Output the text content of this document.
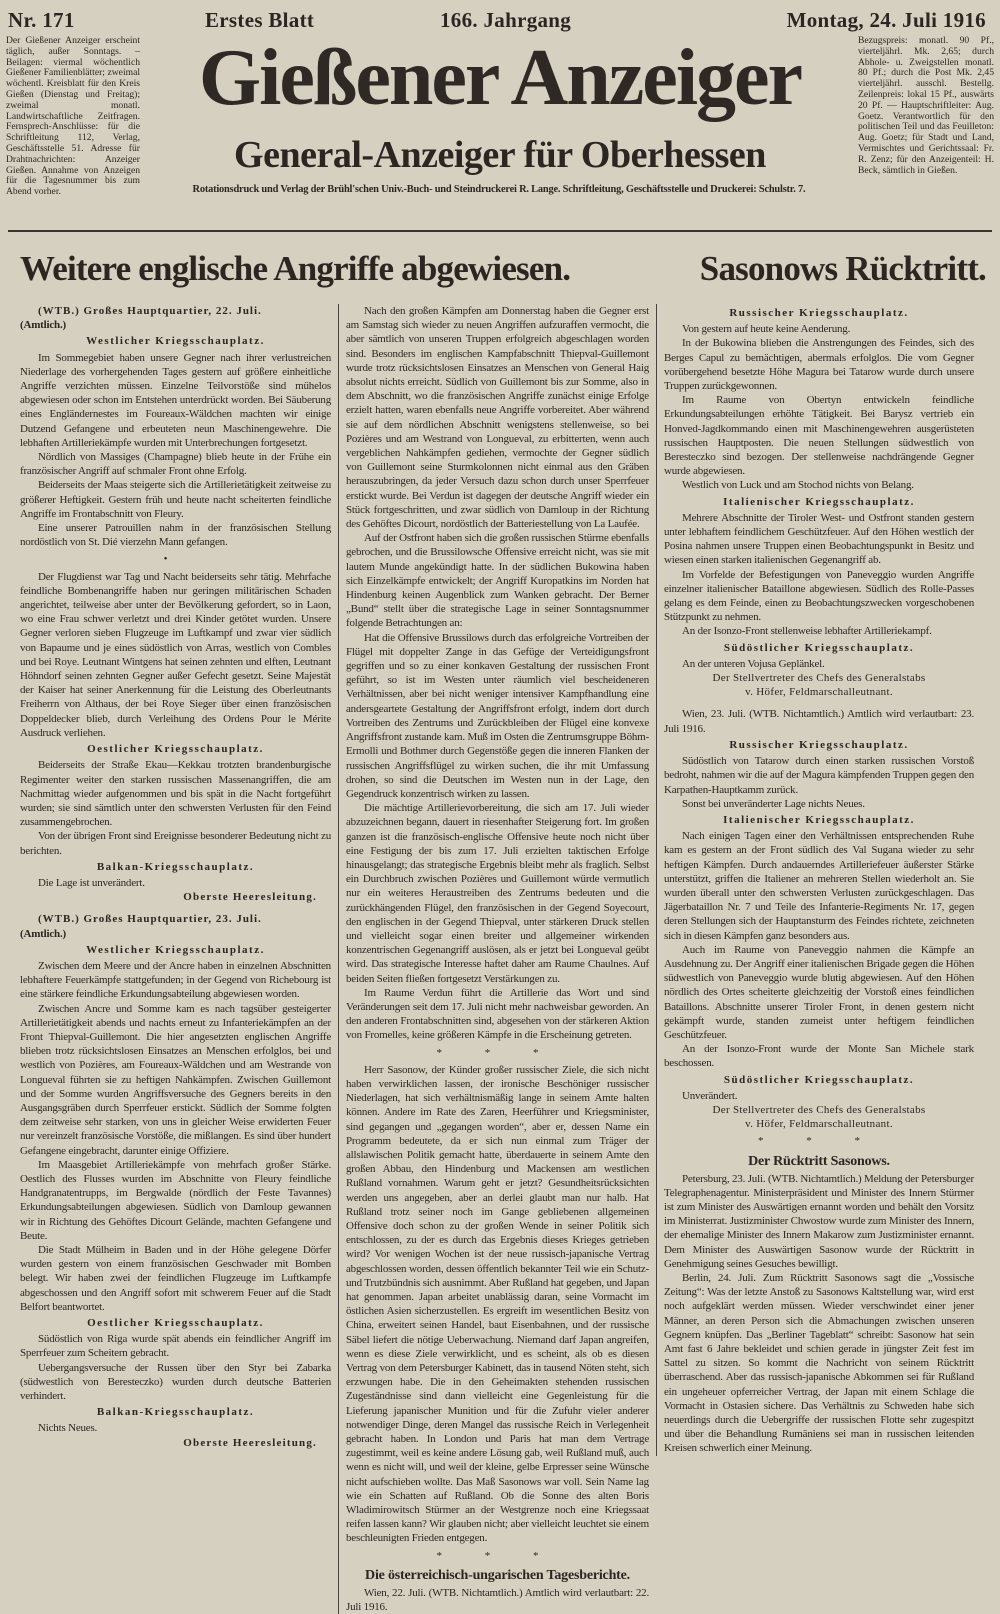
Nr. 171	Erstes Blatt	166. Jahrgang	Montag, 24. Juli 1916
Der Gießener Anzeiger erscheint täglich, außer Sonntags. – Beilagen: viermal wöchentlich Gießener Familienblätter; zweimal wöchentl. Kreisblatt für den Kreis Gießen (Dienstag und Freitag); zweimal monatl. Landwirtschaftliche Zeitfragen. Fernsprech-Anschlüsse: für die Schriftleitung 112, Verlag, Geschäftsstelle 51. Adresse für Drahtnachrichten: Anzeiger Gießen. Annahme von Anzeigen für die Tagesnummer bis zum Abend vorher.
Bezugspreis: monatl. 90 Pf., vierteljährl. Mk. 2,65; durch Abhole- u. Zweigstellen monatl. 80 Pf.; durch die Post Mk. 2,45 vierteljährl. ausschl. Bestellg. Zeilenpreis: lokal 15 Pf., auswärts 20 Pf. — Hauptschriftleiter: Aug. Goetz. Verantwortlich für den politischen Teil und das Feuilleton: Aug. Goetz; für Stadt und Land, Vermischtes und Gerichtssaal: Fr. R. Zenz; für den Anzeigenteil: H. Beck, sämtlich in Gießen.
Gießener Anzeiger
General-Anzeiger für Oberhessen
Rotationsdruck und Verlag der Brühl'schen Univ.-Buch- und Steindruckerei R. Lange. Schriftleitung, Geschäftsstelle und Druckerei: Schulstr. 7.
Weitere englische Angriffe abgewiesen.	Sasonows Rücktritt.
(WTB.) Großes Hauptquartier, 22. Juli.
(Amtlich.)
Westlicher Kriegsschauplatz.

Im Sommegebiet haben unsere Gegner nach ihrer verlustreichen Niederlage des vorhergehenden Tages gestern auf größere einheitliche Angriffe verzichten müssen. Einzelne Teilvorstöße sind mühelos abgewiesen oder schon im Entstehen unterdrückt worden. Bei Säuberung eines Engländernestes im Foureaux-Wäldchen machten wir einige Dutzend Gefangene und erbeuteten neun Maschinengewehre. Die lebhaften Artilleriekämpfe wurden mit Unterbrechungen fortgesetzt.

Nördlich von Massiges (Champagne) blieb heute in der Frühe ein französischer Angriff auf schmaler Front ohne Erfolg.

Beiderseits der Maas steigerte sich die Artillerietätigkeit zeitweise zu größerer Heftigkeit. Gestern früh und heute nacht scheiterten feindliche Angriffe im Frontabschnitt von Fleury.

Eine unserer Patrouillen nahm in der französischen Stellung nordöstlich von St. Dié vierzehn Mann gefangen.

•

Der Flugdienst war Tag und Nacht beiderseits sehr tätig. Mehrfache feindliche Bombenangriffe haben nur geringen militärischen Schaden angerichtet, teilweise aber unter der Bevölkerung gefordert, so in Laon, wo eine Frau schwer verletzt und drei Kinder getötet wurden. Unsere Gegner verloren sieben Flugzeuge im Luftkampf und zwar vier südlich von Bapaume und je eines südöstlich von Arras, westlich von Combles und bei Roye. Leutnant Wintgens hat seinen zehnten und elften, Leutnant Höhndorf seinen zehnten Gegner außer Gefecht gesetzt. Seine Majestät der Kaiser hat seiner Anerkennung für die Leistung des Oberleutnants Freiherrn von Althaus, der bei Roye Sieger über einen französischen Doppeldecker blieb, durch Verleihung des Ordens Pour le Mérite Ausdruck verliehen.

Oestlicher Kriegsschauplatz.

Beiderseits der Straße Ekau—Kekkau trotzten brandenburgische Regimenter weiter den starken russischen Massenangriffen, die am Nachmittag wieder aufgenommen und bis spät in die Nacht fortgeführt wurden; sie sind sämtlich unter den schwersten Verlusten für den Feind zusammengebrochen.

Von der übrigen Front sind Ereignisse besonderer Bedeutung nicht zu berichten.

Balkan-Kriegsschauplatz.

Die Lage ist unverändert.

Oberste Heeresleitung.
(WTB.) Großes Hauptquartier, 23. Juli.
(Amtlich.)
Westlicher Kriegsschauplatz.

Zwischen dem Meere und der Ancre haben in einzelnen Abschnitten lebhaftere Feuerkämpfe stattgefunden; in der Gegend von Richebourg ist eine stärkere feindliche Erkundungsabteilung abgewiesen worden.

Zwischen Ancre und Somme kam es nach tagsüber gesteigerter Artillerietätigkeit abends und nachts erneut zu Infanteriekämpfen an der Front Thiepval-Guillemont. Die hier angesetzten englischen Angriffe blieben trotz rücksichtslosen Einsatzes an Menschen erfolglos, bei und westlich von Pozières, am Foureaux-Wäldchen und am Westrande von Longueval führten sie zu heftigen Nahkämpfen. Zwischen Guillemont und der Somme wurden Angriffsversuche des Gegners bereits in den Ausgangsgräben durch Sperrfeuer erstickt. Südlich der Somme folgten dem zeitweise sehr starken, von uns in gleicher Weise erwiderten Feuer nur vereinzelt französische Vorstöße, die mißlangen. Es sind über hundert Gefangene eingebracht, darunter einige Offiziere.

Im Maasgebiet Artilleriekämpfe von mehrfach großer Stärke. Oestlich des Flusses wurden im Abschnitte von Fleury feindliche Handgranatentrupps, im Bergwalde (nördlich der Feste Tavannes) Erkundungsabteilungen abgewiesen. Südlich von Damloup gewannen wir in Richtung des Gehöftes Dicourt Gelände, machten Gefangene und Beute.

Die Stadt Mülheim in Baden und in der Höhe gelegene Dörfer wurden gestern von einem französischen Geschwader mit Bomben belegt. Wir haben zwei der feindlichen Flugzeuge im Luftkampfe abgeschossen und den Angriff sofort mit schwerem Feuer auf die Stadt Belfort beantwortet.

Oestlicher Kriegsschauplatz.

Südöstlich von Riga wurde spät abends ein feindlicher Angriff im Sperrfeuer zum Scheitern gebracht.

Uebergangsversuche der Russen über den Styr bei Zabarka (südwestlich von Beresteczko) wurden durch deutsche Batterien verhindert.

Balkan-Kriegsschauplatz.

Nichts Neues.

Oberste Heeresleitung.

Nach den großen Kämpfen am Donnerstag haben die Gegner erst am Samstag sich wieder zu neuen Angriffen aufzuraffen vermocht, die aber sämtlich von unseren Truppen erfolgreich abgeschlagen worden sind. Besonders im englischen Kampfabschnitt Thiepval-Guillemont wurde trotz rücksichtslosen Einsatzes an Menschen von General Haig absolut nichts erreicht. Südlich von Guillemont bis zur Somme, also in dem Abschnitt, wo die französischen Angriffe zunächst einige Erfolge erzielt hatten, waren ebenfalls neue Angriffe vorbereitet. Aber während sie auf dem nördlichen Abschnitt wenigstens stellenweise, so bei Pozières und am Westrand von Longueval, zu erbitterten, wenn auch vergeblichen Nahkämpfen gediehen, vermochte der Gegner südlich von Guillemont seine Sturmkolonnen nicht einmal aus den Gräben herauszubringen, da jeder Versuch dazu schon durch unser Sperrfeuer erstickt wurde. Bei Verdun ist dagegen der deutsche Angriff wieder ein Stück fortgeschritten, und zwar südlich von Damloup in der Richtung des Gehöftes Dicourt, nordöstlich der Batteriestellung von La Laufée.

Auf der Ostfront haben sich die großen russischen Stürme ebenfalls gebrochen, und die Brussilowsche Offensive erreicht nicht, was sie mit lautem Munde angekündigt hatte. In der südlichen Bukowina haben sich Einzelkämpfe entwickelt; der Angriff Kuropatkins im Norden hat Hindenburg keinen Augenblick zum Wanken gebracht. Der Berner „Bund“ stellt über die strategische Lage in seiner Sonntagsnummer folgende Betrachtungen an:

Hat die Offensive Brussilows durch das erfolgreiche Vortreiben der Flügel mit doppelter Zange in das Gefüge der Verteidigungsfront gegriffen und so zu einer konkaven Gestaltung der russischen Front geführt, so ist im Westen unter räumlich viel bescheideneren Verhältnissen, aber bei nicht weniger intensiver Kampfhandlung eine andersgeartete Gestaltung der Angriffsfront erfolgt, indem dort durch Vortreiben des Zentrums und Zurückbleiben der Flügel eine konvexe Angriffsfront zustande kam. Muß im Osten die Zentrumsgruppe Böhm-Ermolli und Bothmer durch Gegenstöße gegen die inneren Flanken der russischen Angriffsflügel zu wirken suchen, die ihr mit Umfassung drohen, so sind die Deutschen im Westen nun in der Lage, den Gegendruck konzentrisch wirken zu lassen.

Die mächtige Artillerievorbereitung, die sich am 17. Juli wieder abzuzeichnen begann, dauert in riesenhafter Steigerung fort. Im großen ganzen ist die französisch-englische Offensive heute noch nicht über eine Festigung der bis zum 17. Juli erzielten taktischen Erfolge hinausgelangt; das strategische Ergebnis bleibt mehr als fraglich. Selbst ein Durchbruch zwischen Pozières und Guillemont würde vermutlich nur ein weiteres Heraustreiben des Zentrums bedeuten und die zurückhängenden Flügel, den französischen in der Gegend Soyecourt, den englischen in der Gegend Thiepval, unter stärkeren Druck stellen und vielleicht sogar einen breiter und allgemeiner wirkenden konzentrischen Gegenangriff auslösen, als er jetzt bei Longueval geübt wird. Das strategische Interesse haftet daher am Raume Chaulnes. Auf beiden Seiten fließen fortgesetzt Verstärkungen zu.

Im Raume Verdun führt die Artillerie das Wort und sind Veränderungen seit dem 17. Juli nicht mehr nachweisbar geworden. An den anderen Frontabschnitten sind, abgesehen von der stärkeren Aktion von Fromelles, keine größeren Kämpfe in die Erscheinung getreten.

* * *

Herr Sasonow, der Künder großer russischer Ziele, die sich nicht haben verwirklichen lassen, der ironische Beschöniger russischer Niederlagen, hat sich verhältnismäßig lange in seinem Amte halten können. Andere im Rate des Zaren, Heerführer und Kriegsminister, sind gegangen und „gegangen worden“, aber er, dessen Name ein Programm bedeutete, da er sich nun einmal zum Träger der allslawischen Politik gemacht hatte, überdauerte in seinem Amte den großen Abbau, den Hindenburg und Mackensen am westlichen Rußland vornahmen. Warum geht er jetzt? Gesundheitsrücksichten werden uns angegeben, aber an derlei glaubt man nur halb. Hat Rußland trotz seiner noch im Gange gebliebenen allgemeinen Offensive doch schon zu der großen Wende in seiner Politik sich entschlossen, zu der es durch das Ergebnis dieses Krieges getrieben wird? Vor wenigen Wochen ist der neue russisch-japanische Vertrag abgeschlossen worden, dessen öffentlich bekannter Teil wie ein Schutz- und Trutzbündnis sich ausnimmt. Aber Rußland hat gegeben, und Japan hat genommen. Japan arbeitet unablässig daran, seine Vormacht im östlichen Asien sicherzustellen. Es ergreift im wesentlichen Besitz von China, erweitert seinen Handel, baut Eisenbahnen, und der russische Säbel liefert die nötige Ueberwachung. Niemand darf Japan angreifen, wenn es diese Ziele verwirklicht, und es scheint, als ob es diesen Vertrag von dem Petersburger Kabinett, das in tausend Nöten steht, sich erzwungen habe. Die in den Geheimakten stehenden russischen Zugeständnisse sind dann vielleicht eine Gegenleistung für die Lieferung japanischer Munition und für die Zufuhr vieler anderer notwendiger Dinge, deren Mangel das russische Reich in Verlegenheit gebracht haben. In London und Paris hat man dem Vertrage zugestimmt, weil es keine andere Lösung gab, weil Rußland muß, auch wenn es nicht will, und weil der kleine, gelbe Erpresser seine Wünsche nicht aufschieben wollte. Das Maß Sasonows war voll. Sein Name lag wie ein Schatten auf Rußland. Ob die Sonne des alten Boris Wladimirowitsch Stürmer an der Westgrenze noch eine Kriegssaat reifen lassen kann? Wir glauben nicht; aber vielleicht leuchtet sie einem beschleunigten Frieden entgegen.

* * *
Die österreichisch-ungarischen Tagesberichte.

Wien, 22. Juli. (WTB. Nichtamtlich.) Amtlich wird verlautbart: 22. Juli 1916.

Russischer Kriegsschauplatz.

Von gestern auf heute keine Aenderung.

In der Bukowina blieben die Anstrengungen des Feindes, sich des Berges Capul zu bemächtigen, abermals erfolglos. Die vom Gegner vorübergehend besetzte Höhe Magura bei Tatarow wurde durch unsere Truppen zurückgewonnen.

Im Raume von Obertyn entwickeln feindliche Erkundungsabteilungen erhöhte Tätigkeit. Bei Barysz vertrieb ein Honved-Jagdkommando einen mit Maschinengewehren ausgerüsteten russischen Hauptposten. Die neuen Stellungen südwestlich von Beresteczko sind bezogen. Der stellenweise nachdrängende Gegner wurde abgewiesen.

Westlich von Luck und am Stochod nichts von Belang.

Italienischer Kriegsschauplatz.

Mehrere Abschnitte der Tiroler West- und Ostfront standen gestern unter lebhaftem feindlichem Geschützfeuer. Auf den Höhen westlich der Posina nahmen unsere Truppen einen Beobachtungspunkt in Besitz und wiesen einen starken italienischen Gegenangriff ab.

Im Vorfelde der Befestigungen von Paneveggio wurden Angriffe einzelner italienischer Bataillone abgewiesen. Südlich des Rolle-Passes gelang es dem Feinde, einen zu Beobachtungszwecken vorgeschobenen Stützpunkt zu nehmen.

An der Isonzo-Front stellenweise lebhafter Artilleriekampf.

Südöstlicher Kriegsschauplatz.

An der unteren Vojusa Geplänkel.

Der Stellvertreter des Chefs des Generalstabs
v. Höfer, Feldmarschalleutnant.

Wien, 23. Juli. (WTB. Nichtamtlich.) Amtlich wird verlautbart: 23. Juli 1916.

Russischer Kriegsschauplatz.

Südöstlich von Tatarow durch einen starken russischen Vorstoß bedroht, nahmen wir die auf der Magura kämpfenden Truppen gegen den Karpathen-Hauptkamm zurück.

Sonst bei unveränderter Lage nichts Neues.

Italienischer Kriegsschauplatz.

Nach einigen Tagen einer den Verhältnissen entsprechenden Ruhe kam es gestern an der Front südlich des Val Sugana wieder zu sehr heftigen Kämpfen. Durch andauerndes Artilleriefeuer äußerster Stärke unterstützt, griffen die Italiener an mehreren Stellen wiederholt an. Sie wurden überall unter den schwersten Verlusten zurückgeschlagen. Das Jägerbataillon Nr. 7 und Teile des Infanterie-Regiments Nr. 17, gegen deren Stellungen sich der Hauptansturm des Feindes richtete, zeichneten sich in diesen Kämpfen ganz besonders aus.

Auch im Raume von Paneveggio nahmen die Kämpfe an Ausdehnung zu. Der Angriff einer italienischen Brigade gegen die Höhen südwestlich von Paneveggio wurde blutig abgewiesen. Auf den Höhen nördlich des Ortes scheiterte gleichzeitig der Vorstoß eines feindlichen Bataillons. Abschnitte unserer Tiroler Front, in denen gestern nicht gekämpft wurde, standen zumeist unter heftigem feindlichen Geschützfeuer.

An der Isonzo-Front wurde der Monte San Michele stark beschossen.

Südöstlicher Kriegsschauplatz.

Unverändert.

Der Stellvertreter des Chefs des Generalstabs
v. Höfer, Feldmarschalleutnant.
* * *
Der Rücktritt Sasonows.

Petersburg, 23. Juli. (WTB. Nichtamtlich.) Meldung der Petersburger Telegraphenagentur. Ministerpräsident und Minister des Innern Stürmer ist zum Minister des Auswärtigen ernannt worden und behält den Vorsitz im Ministerrat. Justizminister Chwostow wurde zum Minister des Innern, der ehemalige Minister des Innern Makarow zum Justizminister ernannt. Dem Minister des Auswärtigen Sasonow wurde der Rücktritt in Genehmigung seines Gesuches bewilligt.

Berlin, 24. Juli. Zum Rücktritt Sasonows sagt die „Vossische Zeitung“: Was der letzte Anstoß zu Sasonows Kaltstellung war, wird erst noch aufgeklärt werden müssen. Wieder verschwindet einer jener Männer, an deren Person sich die Abmachungen zwischen unseren Gegnern knüpfen. Das „Berliner Tageblatt“ schreibt: Sasonow hat sein Amt fast 6 Jahre bekleidet und schien gerade in jüngster Zeit fest im Sattel zu sitzen. So kommt die Nachricht von seinem Rücktritt überraschend. Aber das russisch-japanische Abkommen sei für Rußland ein ungeheuer opferreicher Vertrag, der Japan mit einem Schlage die Vormacht in Ostasien sichere. Das Verhältnis zu Schweden habe sich neuerdings durch die Uebergriffe der russischen Flotte sehr zugespitzt und über die Behandlung Rumäniens sei man in russischen leitenden Kreisen schwerlich einer Meinung.
